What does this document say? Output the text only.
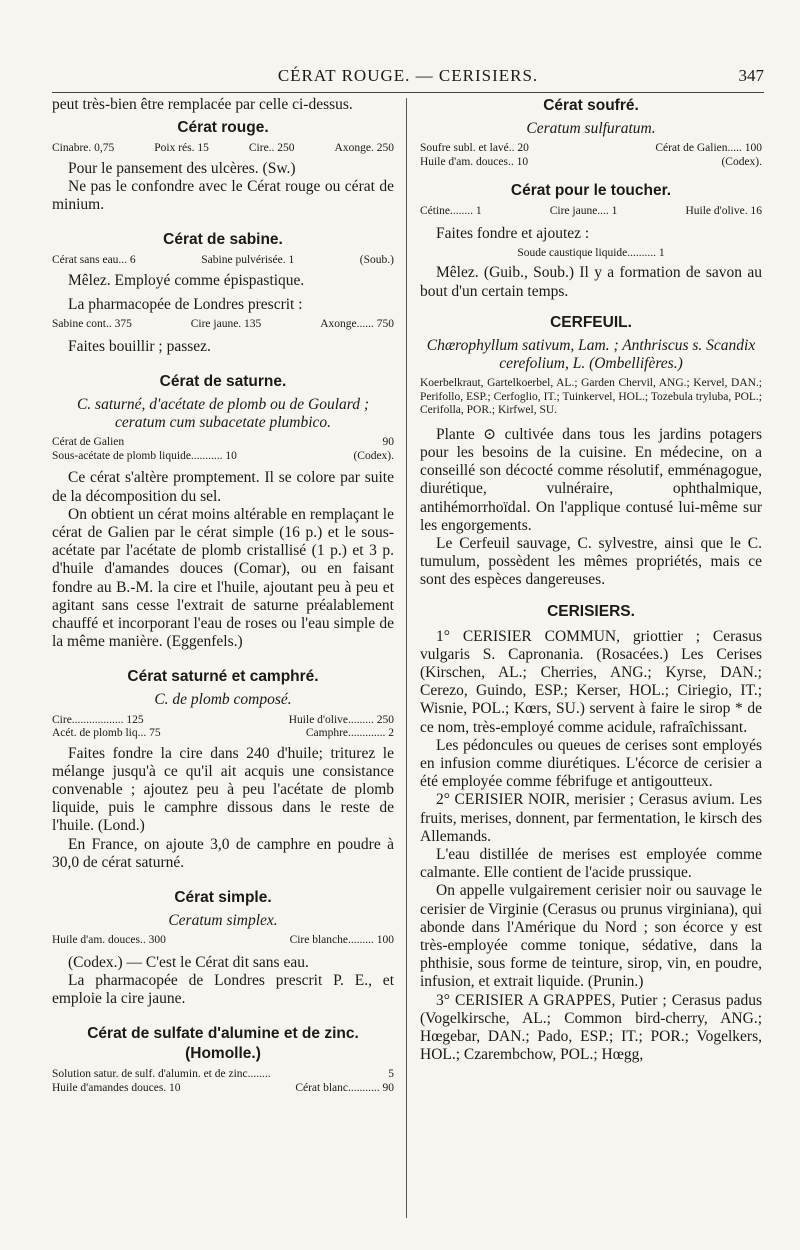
CÉRAT ROUGE. — CERISIERS.	347

peut très-bien être remplacée par celle ci-dessus.

Cérat rouge.
Cinabre. 0,75	Poix rés. 15	Cire.. 250	Axonge. 250

Pour le pansement des ulcères. (Sw.)

Ne pas le confondre avec le Cérat rouge ou cérat de minium.

Cérat de sabine.
Cérat sans eau... 6	Sabine pulvérisée. 1	(Soub.)

Mêlez. Employé comme épispastique.

La pharmacopée de Londres prescrit :

Sabine cont.. 375	Cire jaune. 135	Axonge...... 750

Faites bouillir ; passez.

Cérat de saturne.

C. saturné, d'acétate de plomb ou de Goulard ; ceratum cum subacetate plumbico.

Cérat de Galien	90
Sous-acétate de plomb liquide........... 10	(Codex).

Ce cérat s'altère promptement. Il se colore par suite de la décomposition du sel.

On obtient un cérat moins altérable en remplaçant le cérat de Galien par le cérat simple (16 p.) et le sous-acétate par l'acétate de plomb cristallisé (1 p.) et 3 p. d'huile d'amandes douces (Comar), ou en faisant fondre au B.-M. la cire et l'huile, ajoutant peu à peu et agitant sans cesse l'extrait de saturne préalablement chauffé et incorporant l'eau de roses ou l'eau simple de la même manière. (Eggenfels.)

Cérat saturné et camphré.

C. de plomb composé.

Cire.................. 125	Huile d'olive......... 250
Acét. de plomb liq... 75	Camphre............. 2

Faites fondre la cire dans 240 d'huile; triturez le mélange jusqu'à ce qu'il ait acquis une consistance convenable ; ajoutez peu à peu l'acétate de plomb liquide, puis le camphre dissous dans le reste de l'huile. (Lond.)

En France, on ajoute 3,0 de camphre en poudre à 30,0 de cérat saturné.

Cérat simple.

Ceratum simplex.

Huile d'am. douces.. 300	Cire blanche......... 100

(Codex.) — C'est le Cérat dit sans eau.

La pharmacopée de Londres prescrit P. E., et emploie la cire jaune.

Cérat de sulfate d'alumine et de zinc. (Homolle.)
Solution satur. de sulf. d'alumin. et de zinc........	5
Huile d'amandes douces. 10	Cérat blanc........... 90
Cérat soufré.

Ceratum sulfuratum.

Soufre subl. et lavé.. 20	Cérat de Galien..... 100
Huile d'am. douces.. 10	(Codex).
Cérat pour le toucher.
Cétine........ 1	Cire jaune.... 1	Huile d'olive. 16

Faites fondre et ajoutez :

Soude caustique liquide.......... 1

Mêlez. (Guib., Soub.) Il y a formation de savon au bout d'un certain temps.

CERFEUIL.

Chærophyllum sativum, Lam. ; Anthriscus s. Scandix cerefolium, L. (Ombellifères.)

Koerbelkraut, Gartelkoerbel, AL.; Garden Chervil, ANG.; Kervel, DAN.; Perifollo, ESP.; Cerfoglio, IT.; Tuinkervel, HOL.; Tozebula tryluba, POL.; Cerifolla, POR.; Kirfwel, SU.

Plante ⊙ cultivée dans tous les jardins potagers pour les besoins de la cuisine. En médecine, on a conseillé son décocté comme résolutif, emménagogue, diurétique, vulnéraire, ophthalmique, antihémorrhoïdal. On l'applique contusé lui-même sur les engorgements.

Le Cerfeuil sauvage, C. sylvestre, ainsi que le C. tumulum, possèdent les mêmes propriétés, mais ce sont des espèces dangereuses.

CERISIERS.

1° CERISIER COMMUN, griottier ; Cerasus vulgaris S. Capronania. (Rosacées.) Les Cerises (Kirschen, AL.; Cherries, ANG.; Kyrse, DAN.; Cerezo, Guindo, ESP.; Kerser, HOL.; Ciriegio, IT.; Wisnie, POL.; Kœrs, SU.) servent à faire le sirop * de ce nom, très-employé comme acidule, rafraîchissant.

Les pédoncules ou queues de cerises sont employés en infusion comme diurétiques. L'écorce de cerisier a été employée comme fébrifuge et antigoutteux.

2° CERISIER NOIR, merisier ; Cerasus avium. Les fruits, merises, donnent, par fermentation, le kirsch des Allemands.

L'eau distillée de merises est employée comme calmante. Elle contient de l'acide prussique.

On appelle vulgairement cerisier noir ou sauvage le cerisier de Virginie (Cerasus ou prunus virginiana), qui abonde dans l'Amérique du Nord ; son écorce y est très-employée comme tonique, sédative, dans la phthisie, sous forme de teinture, sirop, vin, en poudre, infusion, et extrait liquide. (Prunin.)

3° CERISIER A GRAPPES, Putier ; Cerasus padus (Vogelkirsche, AL.; Common bird-cherry, ANG.; Hœgebar, DAN.; Pado, ESP.; IT.; POR.; Vogelkers, HOL.; Czarembchow, POL.; Hœgg,
